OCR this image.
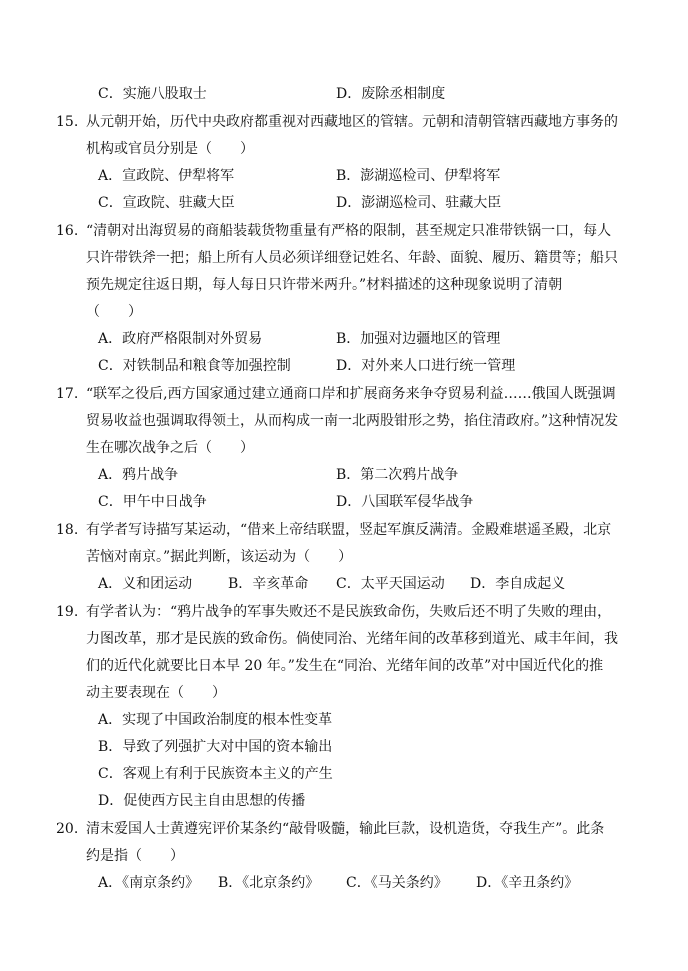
C．实施八股取士	D．废除丞相制度
15. 从元朝开始，历代中央政府都重视对西藏地区的管辖。元朝和清朝管辖西藏地方事务的
机构或官员分别是（　　）
A．宣政院、伊犁将军	B．澎湖巡检司、伊犁将军
C．宣政院、驻藏大臣	D．澎湖巡检司、驻藏大臣
16. “清朝对出海贸易的商船装载货物重量有严格的限制，甚至规定只准带铁锅一口，每人
只许带铁斧一把；船上所有人员必须详细登记姓名、年龄、面貌、履历、籍贯等；船只
预先规定往返日期，每人每日只许带米两升。”材料描述的这种现象说明了清朝
（　　）
A．政府严格限制对外贸易	B．加强对边疆地区的管理
C．对铁制品和粮食等加强控制	D．对外来人口进行统一管理
17. “联军之役后,西方国家通过建立通商口岸和扩展商务来争夺贸易利益……俄国人既强调
贸易收益也强调取得领土，从而构成一南一北两股钳形之势，掐住清政府。”这种情况发
生在哪次战争之后（　　）
A．鸦片战争	B．第二次鸦片战争
C．甲午中日战争	D．八国联军侵华战争
18. 有学者写诗描写某运动，“借来上帝结联盟，竖起军旗反满清。金殿难堪遥圣殿，北京
苦恼对南京。”据此判断，该运动为（　　）
A．义和团运动	B．辛亥革命 C．太平天国运动 D．李自成起义
19. 有学者认为：“鸦片战争的军事失败还不是民族致命伤，失败后还不明了失败的理由，
力图改革，那才是民族的致命伤。倘使同治、光绪年间的改革移到道光、咸丰年间，我
们的近代化就要比日本早 20 年。”发生在“同治、光绪年间的改革”对中国近代化的推
动主要表现在（　　）
A．实现了中国政治制度的根本性变革
B．导致了列强扩大对中国的资本输出
C．客观上有利于民族资本主义的产生
D．促使西方民主自由思想的传播
20. 清末爱国人士黄遵宪评价某条约“敲骨吸髓，输此巨款，设机造货，夺我生产”。此条
约是指（　　）
A．《南京条约》 B．《北京条约》 C．《马关条约》 D．《辛丑条约》
